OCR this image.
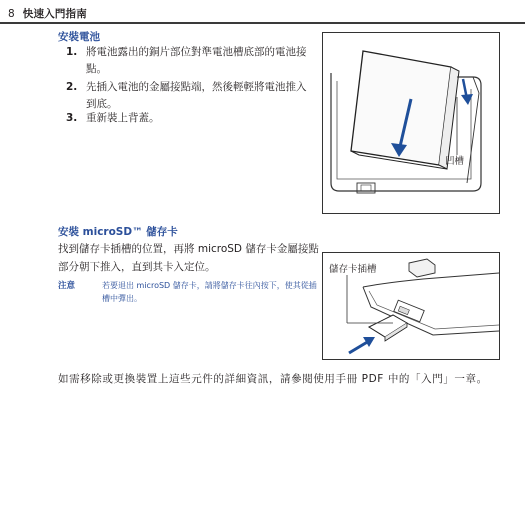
8 快速入門指南
安裝電池
1. 將電池露出的銅片部位對準電池槽底部的電池接點。
2. 先插入電池的金屬接點端，然後輕輕將電池推入到底。
3. 重新裝上背蓋。
凹槽
安裝 microSD™ 儲存卡
找到儲存卡插槽的位置，再將 microSD 儲存卡金屬接點部分朝下推入，直到其卡入定位。
注意	若要退出 microSD 儲存卡，請將儲存卡往內按下，使其從插槽中彈出。
儲存卡插槽
如需移除或更換裝置上這些元件的詳細資訊，請參閱使用手冊 PDF 中的「入門」一章。
